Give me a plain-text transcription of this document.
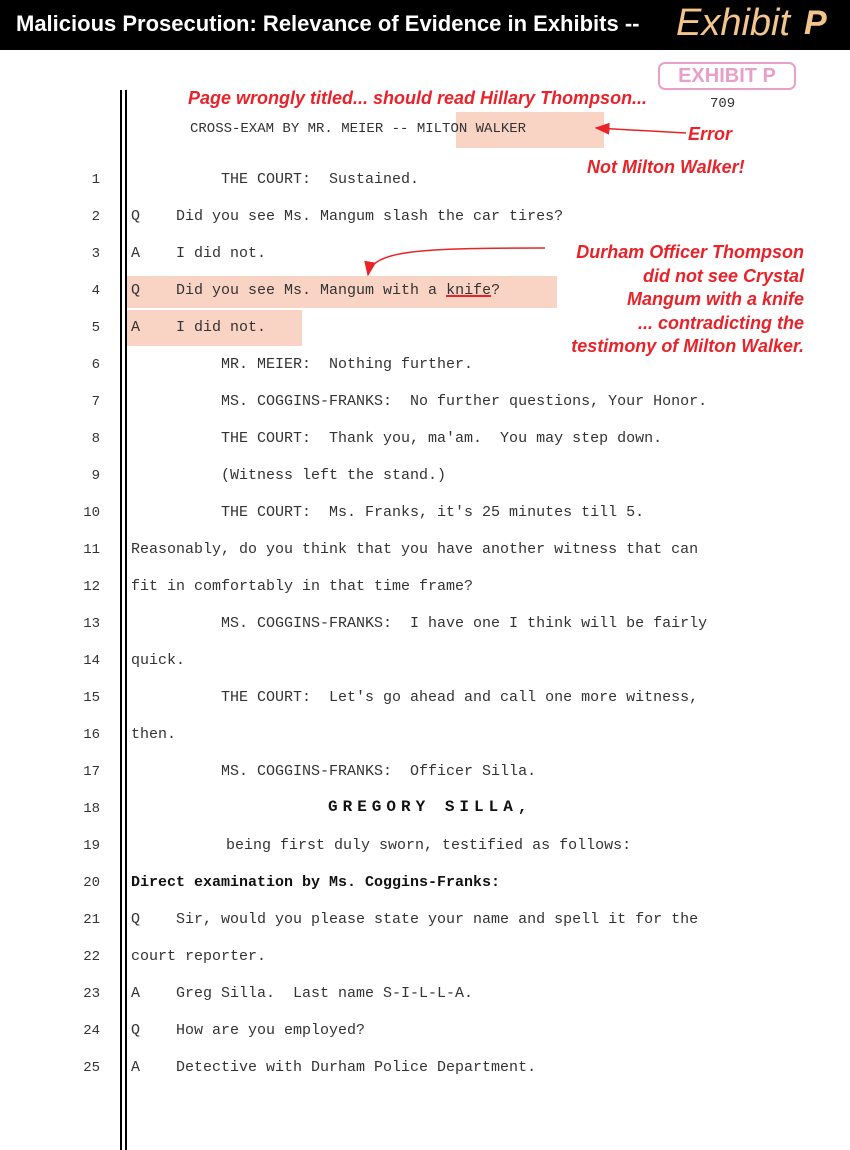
Malicious Prosecution: Relevance of Evidence in Exhibits -- Exhibit P
EXHIBIT P
709
CROSS-EXAM BY MR. MEIER -- MILTON WALKER
Page wrongly titled... should read Hillary Thompson...
Error
Not Milton Walker!
Durham Officer Thompson
did not see Crystal
Mangum with a knife
... contradicting the
testimony of Milton Walker.
1 THE COURT:  Sustained.
2 Q    Did you see Ms. Mangum slash the car tires?
3 A    I did not.
4 Q    Did you see Ms. Mangum with a knife?
5 A    I did not.
6 MR. MEIER:  Nothing further.
7 MS. COGGINS-FRANKS:  No further questions, Your Honor.
8 THE COURT:  Thank you, ma'am.  You may step down.
9 (Witness left the stand.)
10 THE COURT:  Ms. Franks, it's 25 minutes till 5.
11 Reasonably, do you think that you have another witness that can
12 fit in comfortably in that time frame?
13 MS. COGGINS-FRANKS:  I have one I think will be fairly
14 quick.
15 THE COURT:  Let's go ahead and call one more witness,
16 then.
17 MS. COGGINS-FRANKS:  Officer Silla.
18	GREGORY SILLA,
19	being first duly sworn, testified as follows:
20 Direct examination by Ms. Coggins-Franks:
21 Q    Sir, would you please state your name and spell it for the
22 court reporter.
23 A    Greg Silla.  Last name S-I-L-L-A.
24 Q    How are you employed?
25 A    Detective with Durham Police Department.
